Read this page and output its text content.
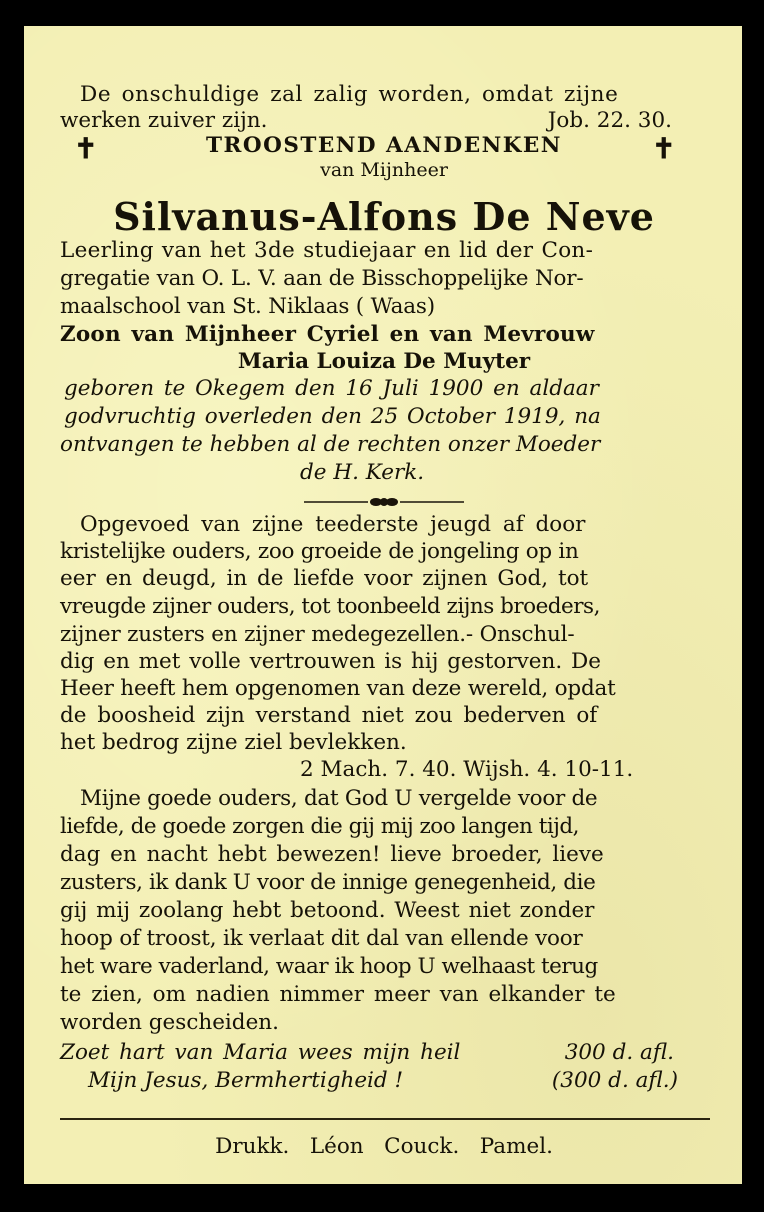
De onschuldige zal zalig worden, omdat zijne
werken zuiver zijn.	Job. 22. 30.
✝	✝
TROOSTEND AANDENKEN
van Mijnheer
Silvanus-Alfons De Neve
Leerling van het 3de studiejaar en lid der Con-
gregatie van O. L. V. aan de Bisschoppelijke Nor-
maalschool van St. Niklaas ( Waas)
Zoon van Mijnheer Cyriel en van Mevrouw
Maria Louiza De Muyter
geboren te Okegem den 16 Juli 1900 en aldaar
godvruchtig overleden den 25 October 1919, na
ontvangen te hebben al de rechten onzer Moeder
de H. Kerk.
Opgevoed van zijne teederste jeugd af door
kristelijke ouders, zoo groeide de jongeling op in
eer en deugd, in de liefde voor zijnen God, tot
vreugde zijner ouders, tot toonbeeld zijns broeders,
zijner zusters en zijner medegezellen.- Onschul-
dig en met volle vertrouwen is hij gestorven. De
Heer heeft hem opgenomen van deze wereld, opdat
de boosheid zijn verstand niet zou bederven of
het bedrog zijne ziel bevlekken.
2 Mach. 7. 40. Wijsh. 4. 10-11.
Mijne goede ouders, dat God U vergelde voor de
liefde, de goede zorgen die gij mij zoo langen tijd,
dag en nacht hebt bewezen! lieve broeder, lieve
zusters, ik dank U voor de innige genegenheid, die
gij mij zoolang hebt betoond. Weest niet zonder
hoop of troost, ik verlaat dit dal van ellende voor
het ware vaderland, waar ik hoop U welhaast terug
te zien, om nadien nimmer meer van elkander te
worden gescheiden.
Zoet hart van Maria wees mijn heil	300 d. afl.
Mijn Jesus, Bermhertigheid !	(300 d. afl.)
Drukk.   Léon   Couck.   Pamel.
